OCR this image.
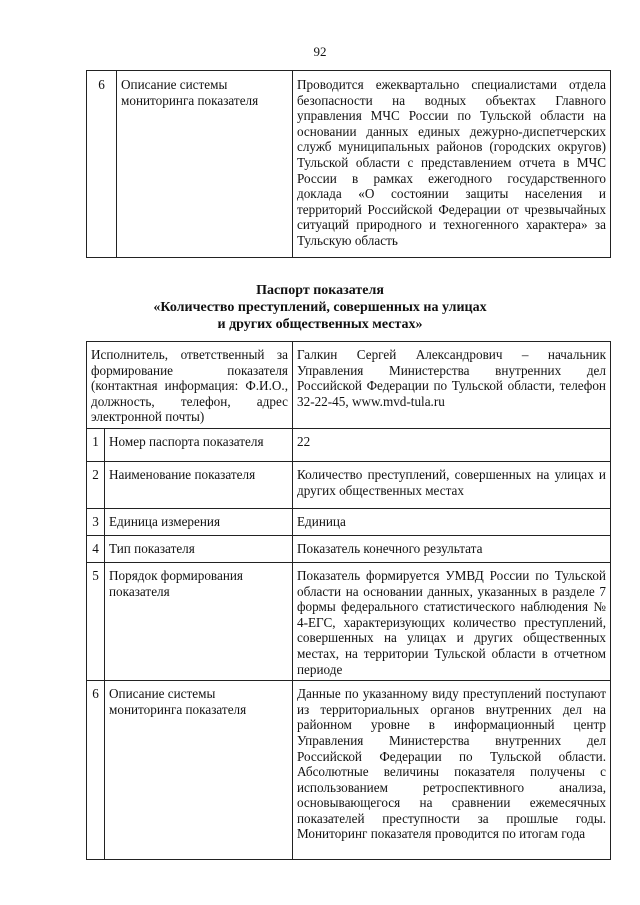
92
6	Описание системы мониторинга показателя	Проводится ежеквартально специалистами отдела безопасности на водных объектах Главного управления МЧС России по Тульской области на основании данных единых дежурно-диспетчерских служб муниципальных районов (городских округов) Тульской области с представлением отчета в МЧС России в рамках ежегодного государственного доклада «О состоянии защиты населения и территорий Российской Федерации от чрезвычайных ситуаций природного и техногенного характера» за Тульскую область
Паспорт показателя
«Количество преступлений, совершенных на улицах
и других общественных местах»
Исполнитель, ответственный за формирование показателя (контактная информация: Ф.И.О., должность, телефон, адрес электронной почты)		Галкин Сергей Александрович – начальник Управления Министерства внутренних дел Российской Федерации по Тульской области, телефон 32-22-45, www.mvd-tula.ru
1	Номер паспорта показателя	22
2	Наименование показателя	Количество преступлений, совершенных на улицах и других общественных местах
3	Единица измерения	Единица
4	Тип показателя	Показатель конечного результата
5	Порядок формирования показателя	Показатель формируется УМВД России по Тульской области на основании данных, указанных в разделе 7 формы федерального статистического наблюдения № 4-ЕГС, характеризующих количество преступлений, совершенных на улицах и других общественных местах, на территории Тульской области в отчетном периоде
6	Описание системы мониторинга показателя	Данные по указанному виду преступлений поступают из территориальных органов внутренних дел на районном уровне в информационный центр Управления Министерства внутренних дел Российской Федерации по Тульской области. Абсолютные величины показателя получены с использованием ретроспективного анализа, основывающегося на сравнении ежемесячных показателей преступности за прошлые годы. Мониторинг показателя проводится по итогам года
